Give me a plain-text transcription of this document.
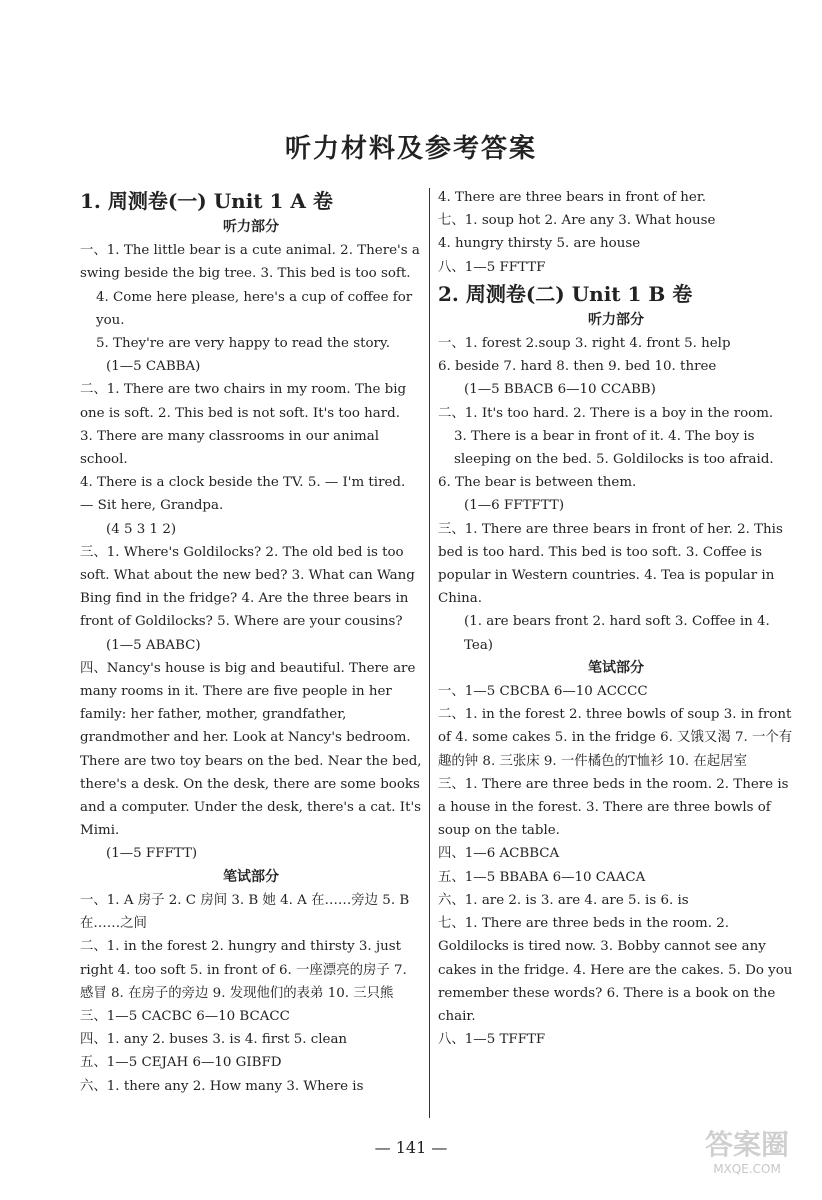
听力材料及参考答案

1. 周测卷(一) Unit 1 A 卷

听力部分

一、1. The little bear is a cute animal. 2. There's a swing beside the big tree. 3. This bed is too soft.

4. Come here please, here's a cup of coffee for you.

5. They're are very happy to read the story.

(1—5 CABBA)

二、1. There are two chairs in my room. The big one is soft. 2. This bed is not soft. It's too hard.

3. There are many classrooms in our animal school.

4. There is a clock beside the TV. 5. — I'm tired. — Sit here, Grandpa.

(4 5 3 1 2)

三、1. Where's Goldilocks? 2. The old bed is too soft. What about the new bed? 3. What can Wang Bing find in the fridge? 4. Are the three bears in front of Goldilocks? 5. Where are your cousins?

(1—5 ABABC)

四、Nancy's house is big and beautiful. There are many rooms in it. There are five people in her family: her father, mother, grandfather, grandmother and her. Look at Nancy's bedroom. There are two toy bears on the bed. Near the bed, there's a desk. On the desk, there are some books and a computer. Under the desk, there's a cat. It's Mimi.

(1—5 FFFTT)

笔试部分

一、1. A 房子 2. C 房间 3. B 她 4. A 在……旁边 5. B 在……之间

二、1. in the forest 2. hungry and thirsty 3. just right 4. too soft 5. in front of 6. 一座漂亮的房子 7. 感冒 8. 在房子的旁边 9. 发现他们的表弟 10. 三只熊

三、1—5 CACBC 6—10 BCACC

四、1. any 2. buses 3. is 4. first 5. clean

五、1—5 CEJAH 6—10 GIBFD

六、1. there any 2. How many 3. Where is

4. There are three bears in front of her.

七、1. soup hot 2. Are any 3. What house

4. hungry thirsty 5. are house

八、1—5 FFTTF

2. 周测卷(二) Unit 1 B 卷

听力部分

一、1. forest 2.soup 3. right 4. front 5. help

6. beside 7. hard 8. then 9. bed 10. three

(1—5 BBACB 6—10 CCABB)

二、1. It's too hard. 2. There is a boy in the room.

3. There is a bear in front of it. 4. The boy is sleeping on the bed. 5. Goldilocks is too afraid.

6. The bear is between them.

(1—6 FFTFTT)

三、1. There are three bears in front of her. 2. This bed is too hard. This bed is too soft. 3. Coffee is popular in Western countries. 4. Tea is popular in China.

(1. are bears front 2. hard soft 3. Coffee in 4. Tea)

笔试部分

一、1—5 CBCBA 6—10 ACCCC

二、1. in the forest 2. three bowls of soup 3. in front of 4. some cakes 5. in the fridge 6. 又饿又渴 7. 一个有趣的钟 8. 三张床 9. 一件橘色的T恤衫 10. 在起居室

三、1. There are three beds in the room. 2. There is a house in the forest. 3. There are three bowls of soup on the table.

四、1—6 ACBBCA

五、1—5 BBABA 6—10 CAACA

六、1. are 2. is 3. are 4. are 5. is 6. is

七、1. There are three beds in the room. 2. Goldilocks is tired now. 3. Bobby cannot see any cakes in the fridge. 4. Here are the cakes. 5. Do you remember these words? 6. There is a book on the chair.

八、1—5 TFFTF

— 141 —	答案圈
MXQE.COM
